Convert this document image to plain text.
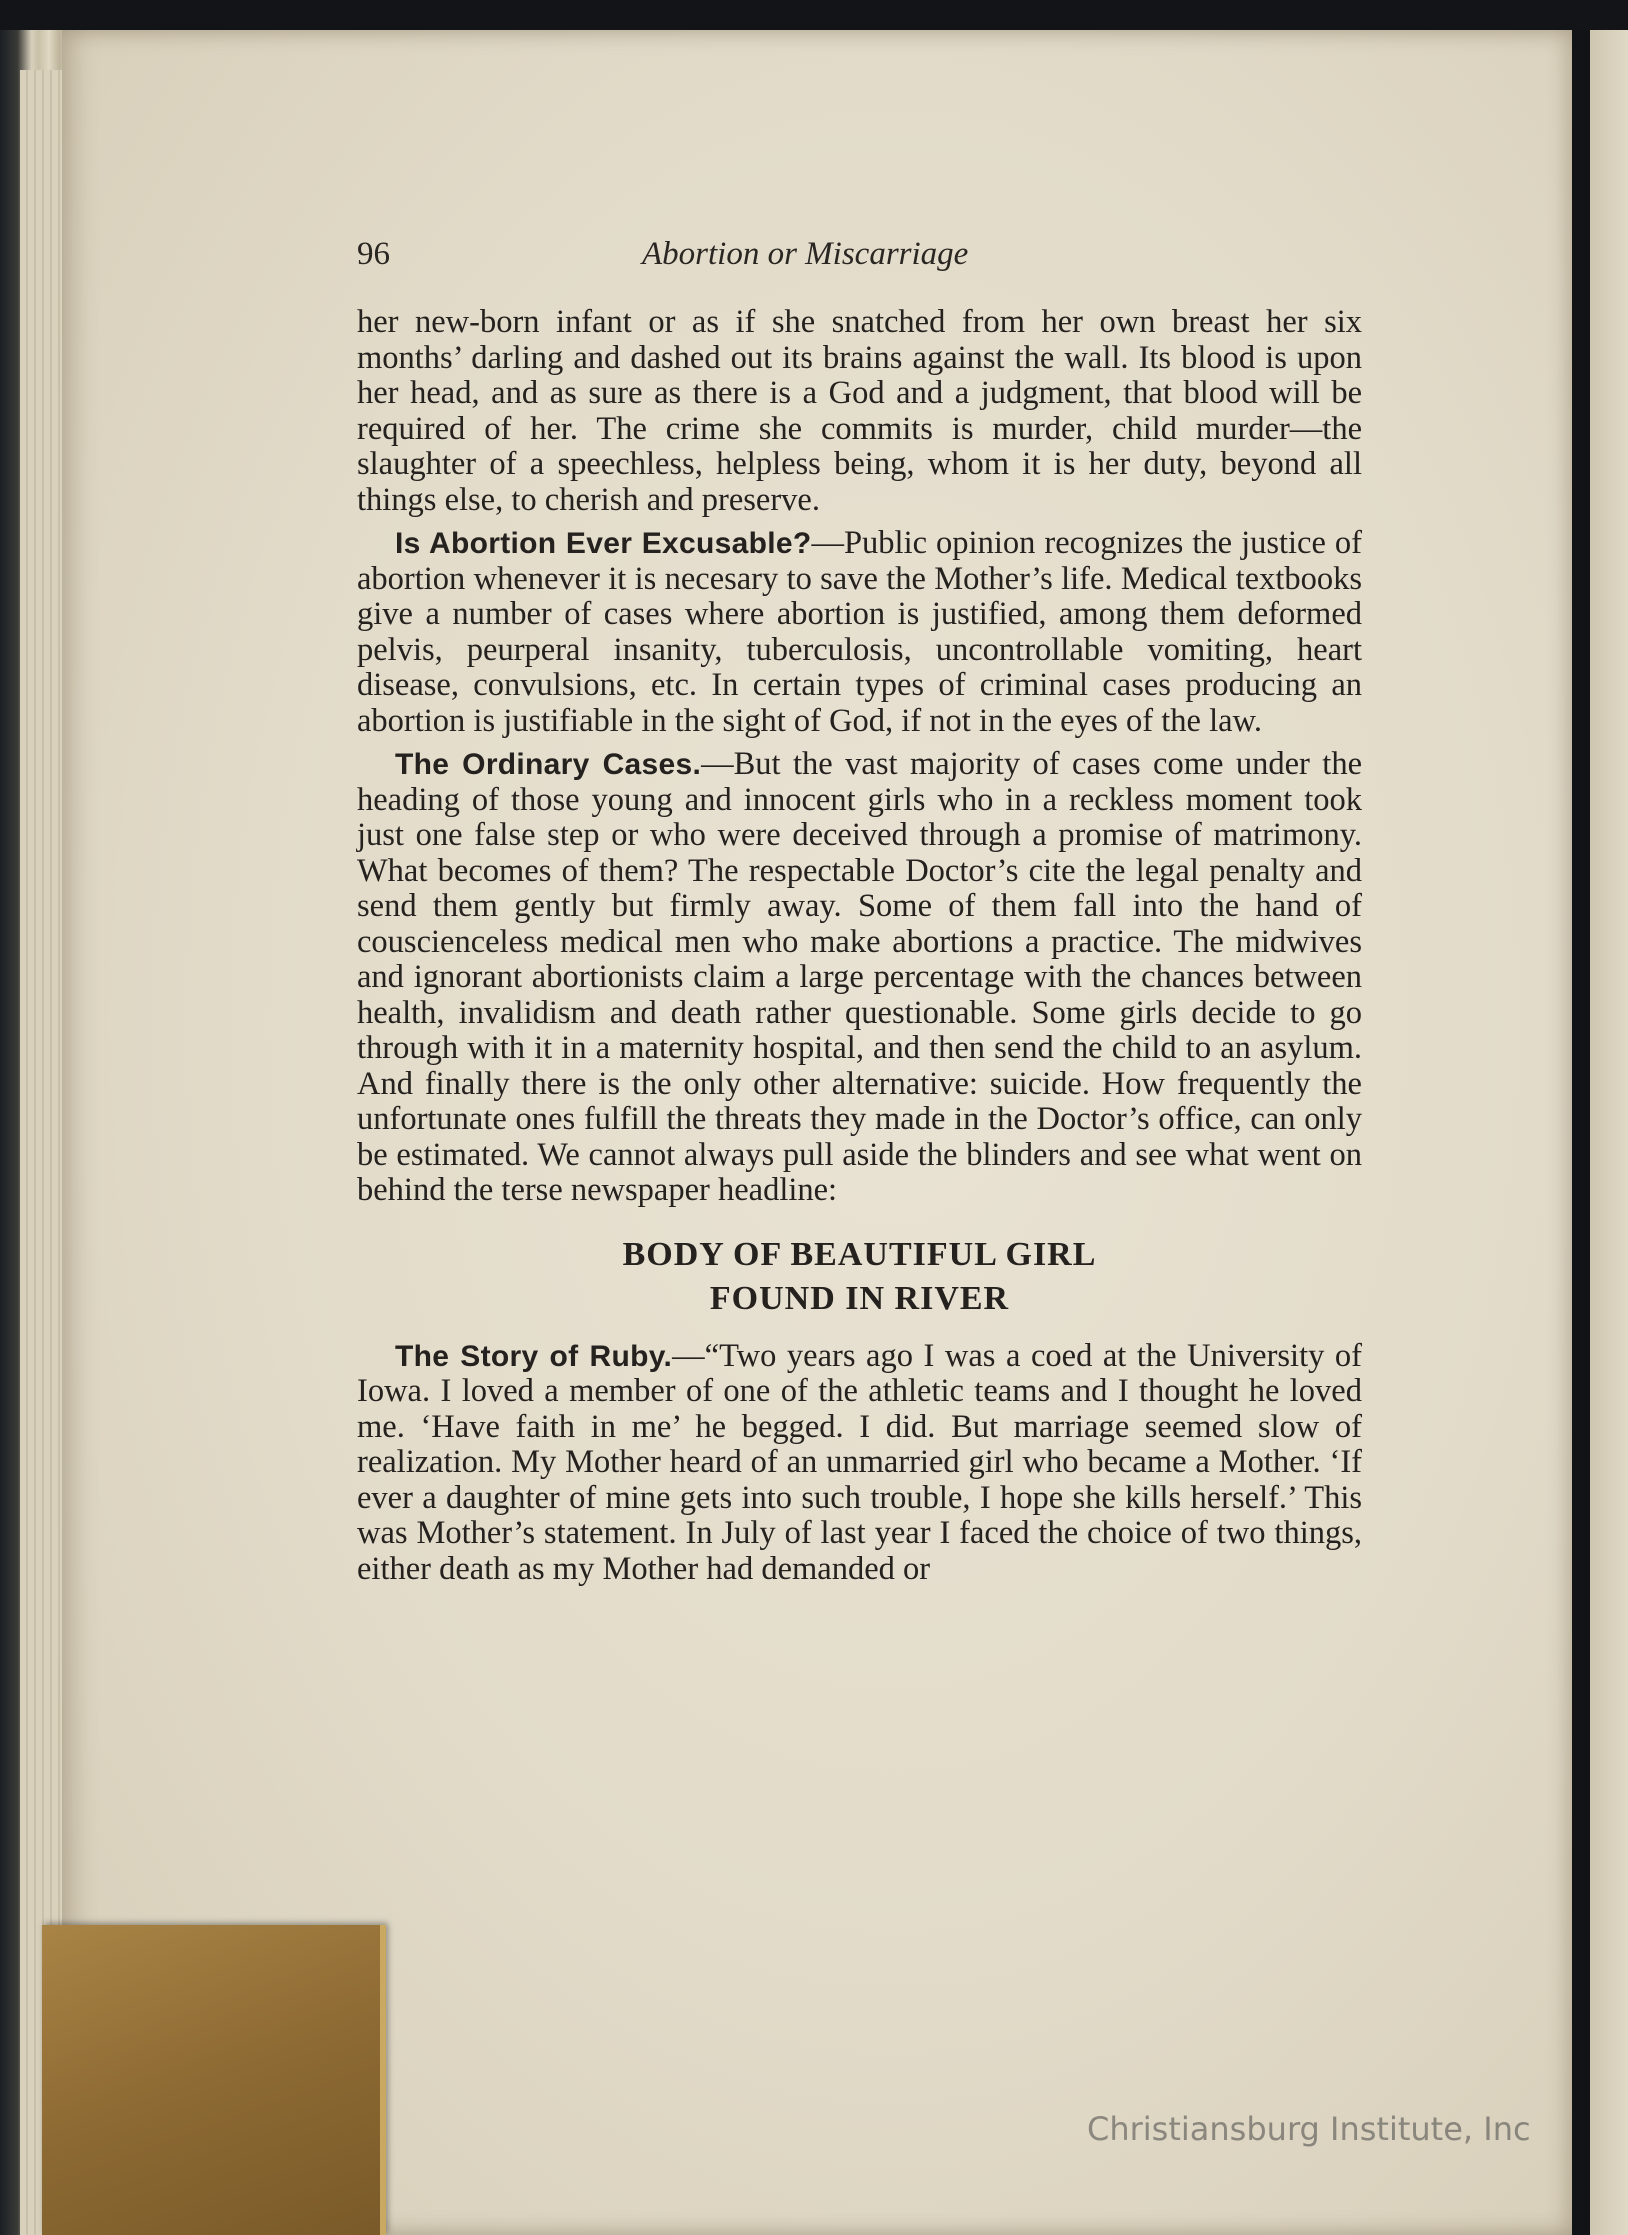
96	Abortion or Miscarriage

her new-born infant or as if she snatched from her own breast her six months’ darling and dashed out its brains against the wall. Its blood is upon her head, and as sure as there is a God and a judgment, that blood will be required of her. The crime she commits is murder, child murder—the slaughter of a speechless, helpless being, whom it is her duty, beyond all things else, to cherish and preserve.

Is Abortion Ever Excusable?—Public opinion recognizes the justice of abortion whenever it is necesary to save the Mother’s life. Medical textbooks give a number of cases where abortion is justified, among them deformed pelvis, peurperal insanity, tuberculosis, uncontrollable vomiting, heart disease, convulsions, etc. In certain types of criminal cases producing an abortion is justifiable in the sight of God, if not in the eyes of the law.

The Ordinary Cases.—But the vast majority of cases come under the heading of those young and innocent girls who in a reckless moment took just one false step or who were deceived through a promise of matrimony. What becomes of them? The respectable Doctor’s cite the legal penalty and send them gently but firmly away. Some of them fall into the hand of couscienceless medical men who make abortions a practice. The midwives and ignorant abortionists claim a large percentage with the chances between health, invalidism and death rather questionable. Some girls decide to go through with it in a maternity hospital, and then send the child to an asylum. And finally there is the only other alternative: suicide. How frequently the unfortunate ones fulfill the threats they made in the Doctor’s office, can only be estimated. We cannot always pull aside the blinders and see what went on behind the terse newspaper headline:

BODY OF BEAUTIFUL GIRL
FOUND IN RIVER

The Story of Ruby.—“Two years ago I was a coed at the University of Iowa. I loved a member of one of the athletic teams and I thought he loved me. ‘Have faith in me’ he begged. I did. But marriage seemed slow of realization. My Mother heard of an unmarried girl who became a Mother. ‘If ever a daughter of mine gets into such trouble, I hope she kills herself.’ This was Mother’s statement. In July of last year I faced the choice of two things, either death as my Mother had demanded or

Christiansburg Institute, Inc
